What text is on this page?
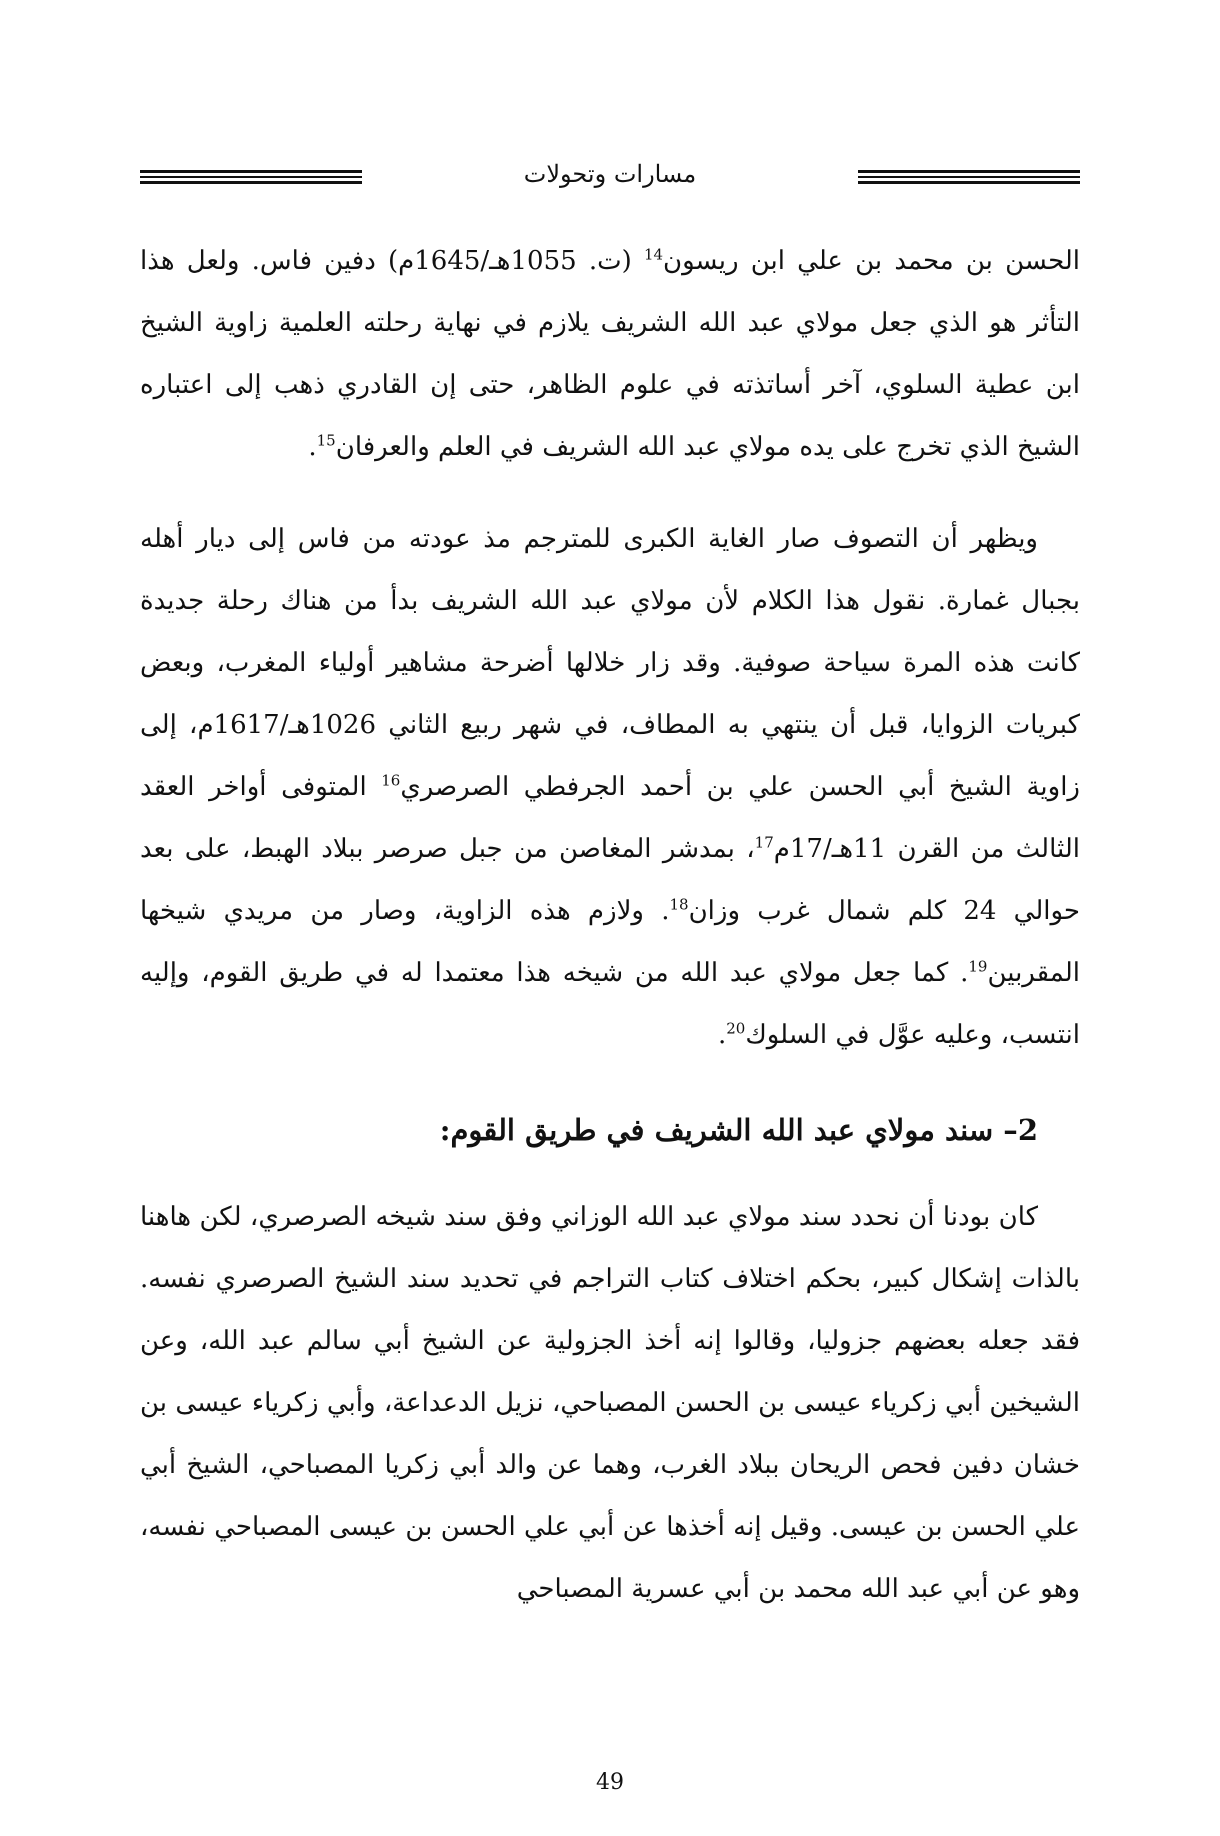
مسارات وتحولات

الحسن بن محمد بن علي ابن ريسون$^{14}$ (ت. 1055هـ/1645م) دفين فاس. ولعل هذا التأثر هو الذي جعل مولاي عبد الله الشريف يلازم في نهاية رحلته العلمية زاوية الشيخ ابن عطية السلوي، آخر أساتذته في علوم الظاهر، حتى إن القادري ذهب إلى اعتباره الشيخ الذي تخرج على يده مولاي عبد الله الشريف في العلم والعرفان$^{15}$.

ويظهر أن التصوف صار الغاية الكبرى للمترجم مذ عودته من فاس إلى ديار أهله بجبال غمارة. نقول هذا الكلام لأن مولاي عبد الله الشريف بدأ من هناك رحلة جديدة كانت هذه المرة سياحة صوفية. وقد زار خلالها أضرحة مشاهير أولياء المغرب، وبعض كبريات الزوايا، قبل أن ينتهي به المطاف، في شهر ربيع الثاني 1026هـ/1617م، إلى زاوية الشيخ أبي الحسن علي بن أحمد الجرفطي الصرصري$^{16}$ المتوفى أواخر العقد الثالث من القرن 11هـ/17م$^{17}$، بمدشر المغاصن من جبل صرصر ببلاد الهبط، على بعد حوالي 24 كلم شمال غرب وزان$^{18}$. ولازم هذه الزاوية، وصار من مريدي شيخها المقربين$^{19}$. كما جعل مولاي عبد الله من شيخه هذا معتمدا له في طريق القوم، وإليه انتسب، وعليه عوَّل في السلوك$^{20}$.

2– سند مولاي عبد الله الشريف في طريق القوم:

كان بودنا أن نحدد سند مولاي عبد الله الوزاني وفق سند شيخه الصرصري، لكن هاهنا بالذات إشكال كبير، بحكم اختلاف كتاب التراجم في تحديد سند الشيخ الصرصري نفسه. فقد جعله بعضهم جزوليا، وقالوا إنه أخذ الجزولية عن الشيخ أبي سالم عبد الله، وعن الشيخين أبي زكرياء عيسى بن الحسن المصباحي، نزيل الدعداعة، وأبي زكرياء عيسى بن خشان دفين فحص الريحان ببلاد الغرب، وهما عن والد أبي زكريا المصباحي، الشيخ أبي علي الحسن بن عيسى. وقيل إنه أخذها عن أبي علي الحسن بن عيسى المصباحي نفسه، وهو عن أبي عبد الله محمد بن أبي عسرية المصباحي

49
